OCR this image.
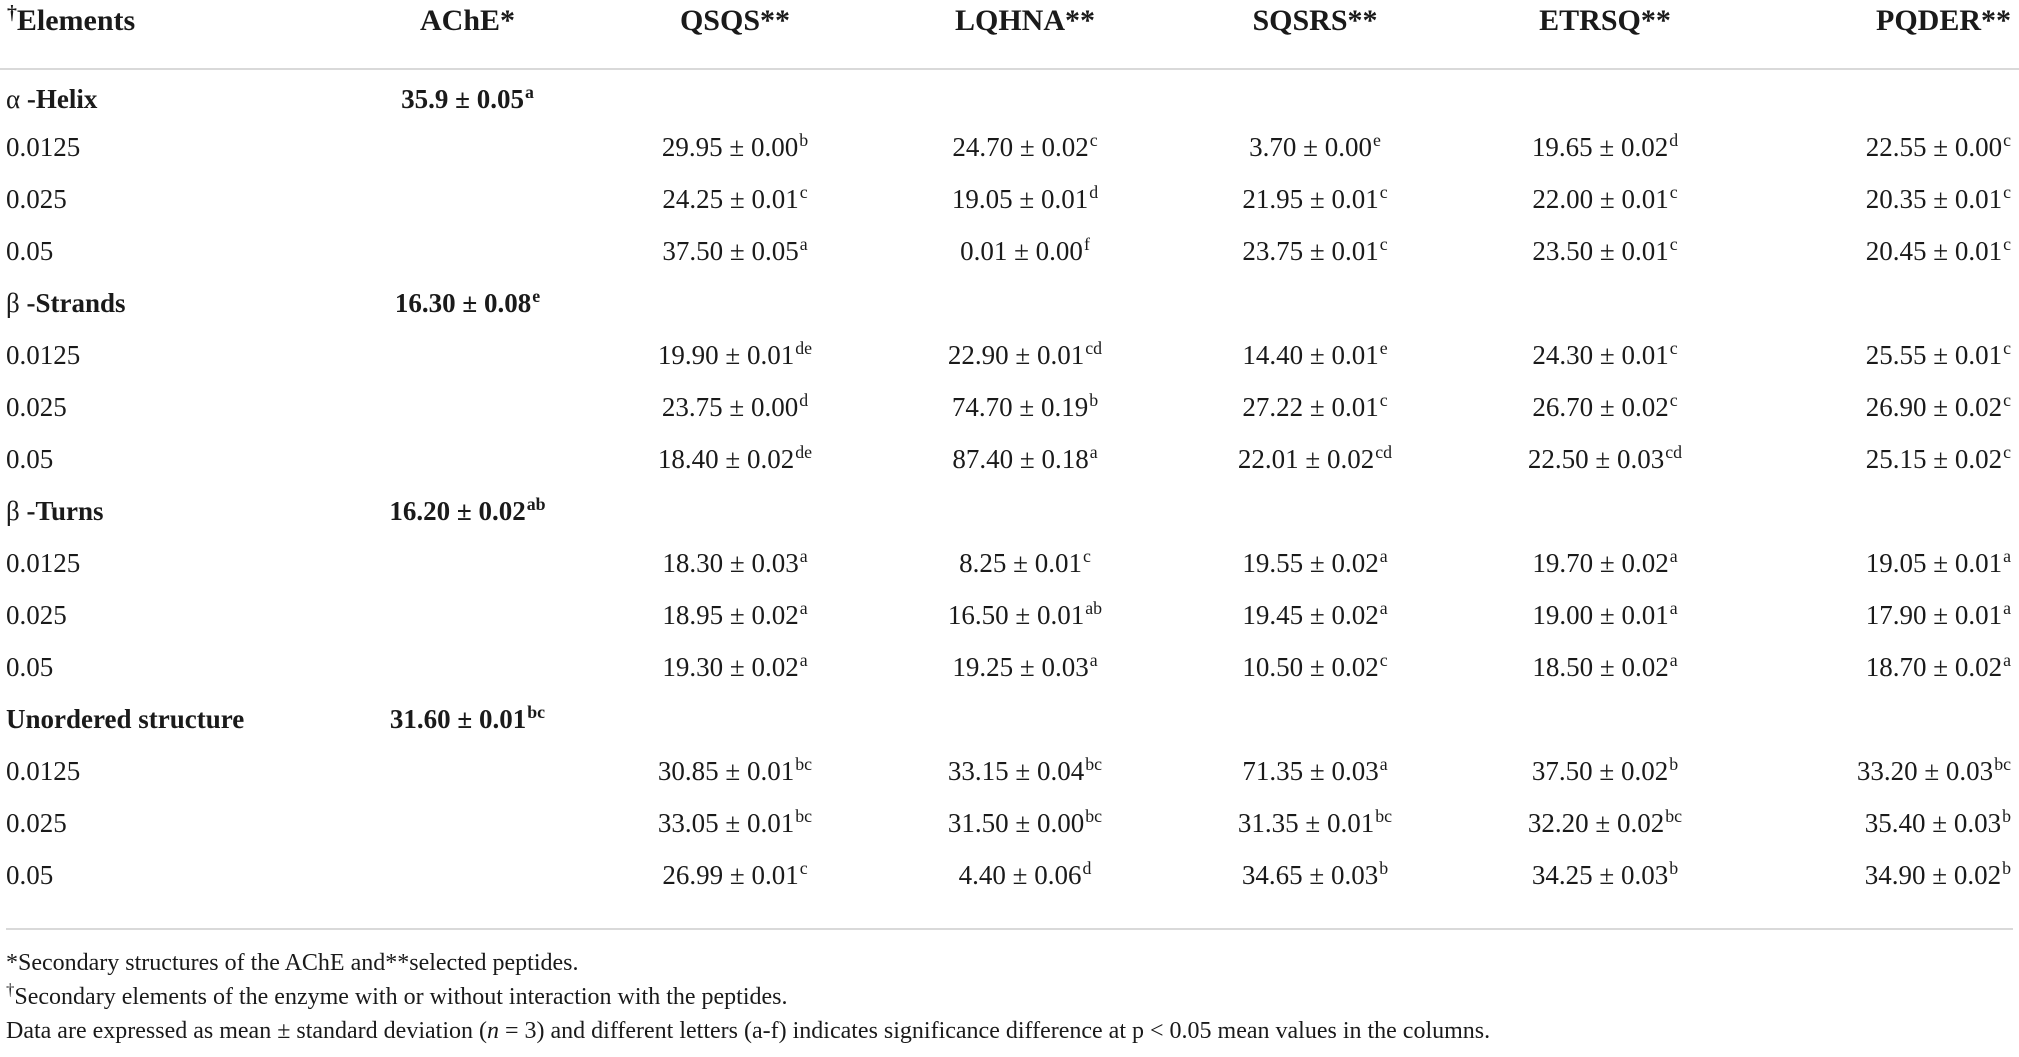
†Elements	AChE*	QSQS**	LQHNA**	SQSRS**	ETRSQ**	PQDER**
α -Helix	35.9 ± 0.05$^a$					
0.0125		29.95 ± 0.00$^b$	24.70 ± 0.02$^c$	3.70 ± 0.00$^e$	19.65 ± 0.02$^d$	22.55 ± 0.00$^c$
0.025		24.25 ± 0.01$^c$	19.05 ± 0.01$^d$	21.95 ± 0.01$^c$	22.00 ± 0.01$^c$	20.35 ± 0.01$^c$
0.05		37.50 ± 0.05$^a$	0.01 ± 0.00$^f$	23.75 ± 0.01$^c$	23.50 ± 0.01$^c$	20.45 ± 0.01$^c$
β -Strands	16.30 ± 0.08$^e$					
0.0125		19.90 ± 0.01de	22.90 ± 0.01$^{cd}$	14.40 ± 0.01$^e$	24.30 ± 0.01$^c$	25.55 ± 0.01$^c$
0.025		23.75 ± 0.00$^d$	74.70 ± 0.19$^b$	27.22 ± 0.01$^c$	26.70 ± 0.02$^c$	26.90 ± 0.02$^c$
0.05		18.40 ± 0.02de	87.40 ± 0.18$^a$	22.01 ± 0.02$^{cd}$	22.50 ± 0.03$^{cd}$	25.15 ± 0.02$^c$
β -Turns	16.20 ± 0.02$^{ab}$					
0.0125		18.30 ± 0.03$^a$	8.25 ± 0.01$^c$	19.55 ± 0.02$^a$	19.70 ± 0.02$^a$	19.05 ± 0.01$^a$
0.025		18.95 ± 0.02$^a$	16.50 ± 0.01$^{ab}$	19.45 ± 0.02$^a$	19.00 ± 0.01$^a$	17.90 ± 0.01$^a$
0.05		19.30 ± 0.02$^a$	19.25 ± 0.03$^a$	10.50 ± 0.02$^c$	18.50 ± 0.02$^a$	18.70 ± 0.02$^a$
Unordered structure	31.60 ± 0.01$^{bc}$					
0.0125		30.85 ± 0.01$^{bc}$	33.15 ± 0.04$^{bc}$	71.35 ± 0.03$^a$	37.50 ± 0.02$^b$	33.20 ± 0.03$^{bc}$
0.025		33.05 ± 0.01$^{bc}$	31.50 ± 0.00$^{bc}$	31.35 ± 0.01$^{bc}$	32.20 ± 0.02$^{bc}$	35.40 ± 0.03$^b$
0.05		26.99 ± 0.01$^c$	4.40 ± 0.06$^d$	34.65 ± 0.03$^b$	34.25 ± 0.03$^b$	34.90 ± 0.02$^b$
*Secondary structures of the AChE and**selected peptides.
†Secondary elements of the enzyme with or without interaction with the peptides.
Data are expressed as mean ± standard deviation (n = 3) and different letters (a-f) indicates significance difference at p < 0.05 mean values in the columns.
